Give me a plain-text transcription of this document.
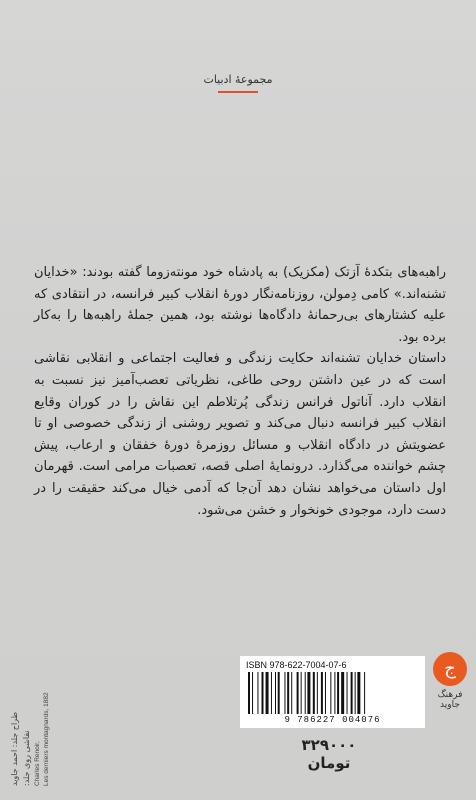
مجموعهٔ ادبیات

راهبه‌های بتکدهٔ آزتک (مکزیک) به پادشاه خود مونته‌زوما گفته بودند: «خدایان تشنه‌اند.» کامی دِمولن، روزنامه‌نگار دورهٔ انقلاب کبیر فرانسه، در انتقادی که علیه کشتارهای بی‌رحمانهٔ دادگاه‌ها نوشته بود، همین جملهٔ راهبه‌ها را به‌کار برده بود.

داستان خدایان تشنه‌اند حکایت زندگی و فعالیت اجتماعی و انقلابی نقاشی است که در عین داشتن روحی طاغی، نظریاتی تعصب‌آمیز نیز نسبت به انقلاب دارد. آناتول فرانس زندگی پُرتلاطم این نقاش را در کوران وقایع انقلاب کبیر فرانسه دنبال می‌کند و تصویر روشنی از زندگی خصوصی او تا عضویتش در دادگاه انقلاب و مسائل روزمرهٔ دورهٔ خفقان و ارعاب، پیش چشم خواننده می‌گذارد. درونمایهٔ اصلی قصه، تعصبات مرامی است. قهرمان اول داستان می‌خواهد نشان دهد آن‌جا که آدمی خیال می‌کند حقیقت را در دست دارد، موجودی خونخوار و خشن می‌شود.

طراح جلد: احمد جاوید نقاشی روی جلد: Charles Renoir, Les derniers montagnards, 1882
ISBN 978-622-7004-07-6
9 786227 004076
ج
فرهنگ جاوید
۳۲۹۰۰۰ تومان
